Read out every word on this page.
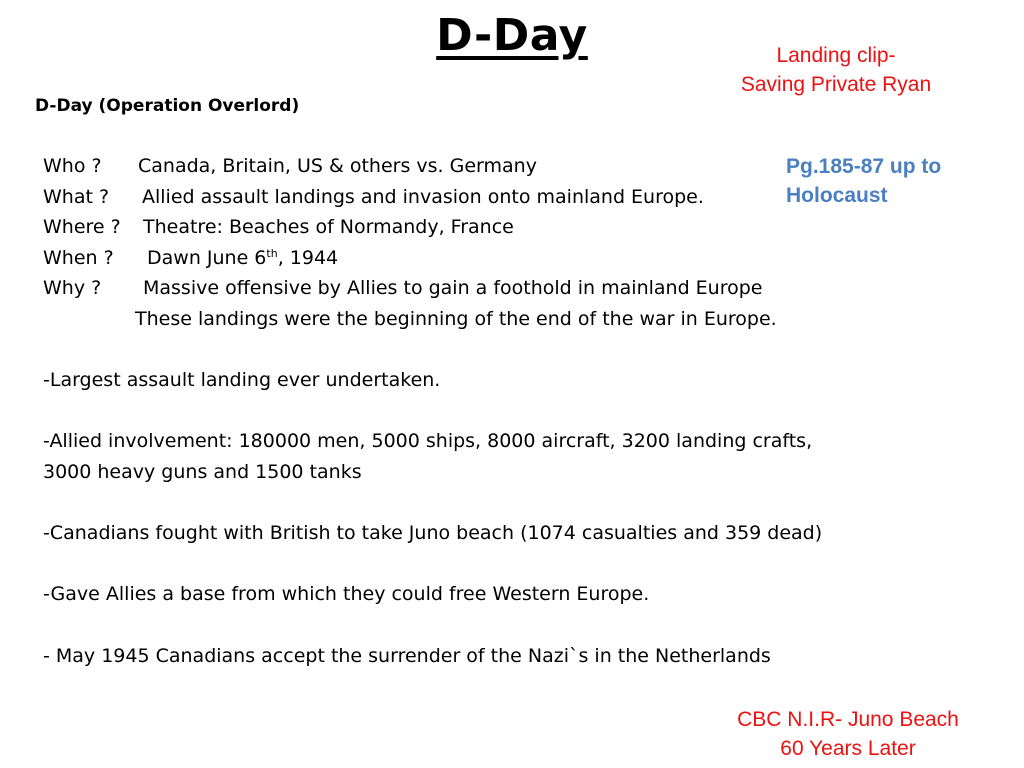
D-Day	Landing clip-
Saving Private Ryan
D-Day (Operation Overlord)
Pg.185-87 up to
Holocaust
Who ? Canada, Britain, US & others vs. Germany
What ? Allied assault landings and invasion onto mainland Europe.
Where ? Theatre: Beaches of Normandy, France
When ? Dawn June 6th, 1944
Why ? Massive offensive by Allies to gain a foothold in mainland Europe
These landings were the beginning of the end of the war in Europe.
-Largest assault landing ever undertaken.
-Allied involvement: 180000 men, 5000 ships, 8000 aircraft, 3200 landing crafts,
3000 heavy guns and 1500 tanks
-Canadians fought with British to take Juno beach (1074 casualties and 359 dead)
-Gave Allies a base from which they could free Western Europe.
- May 1945 Canadians accept the surrender of the Nazi`s in the Netherlands
CBC N.I.R- Juno Beach
60 Years Later
